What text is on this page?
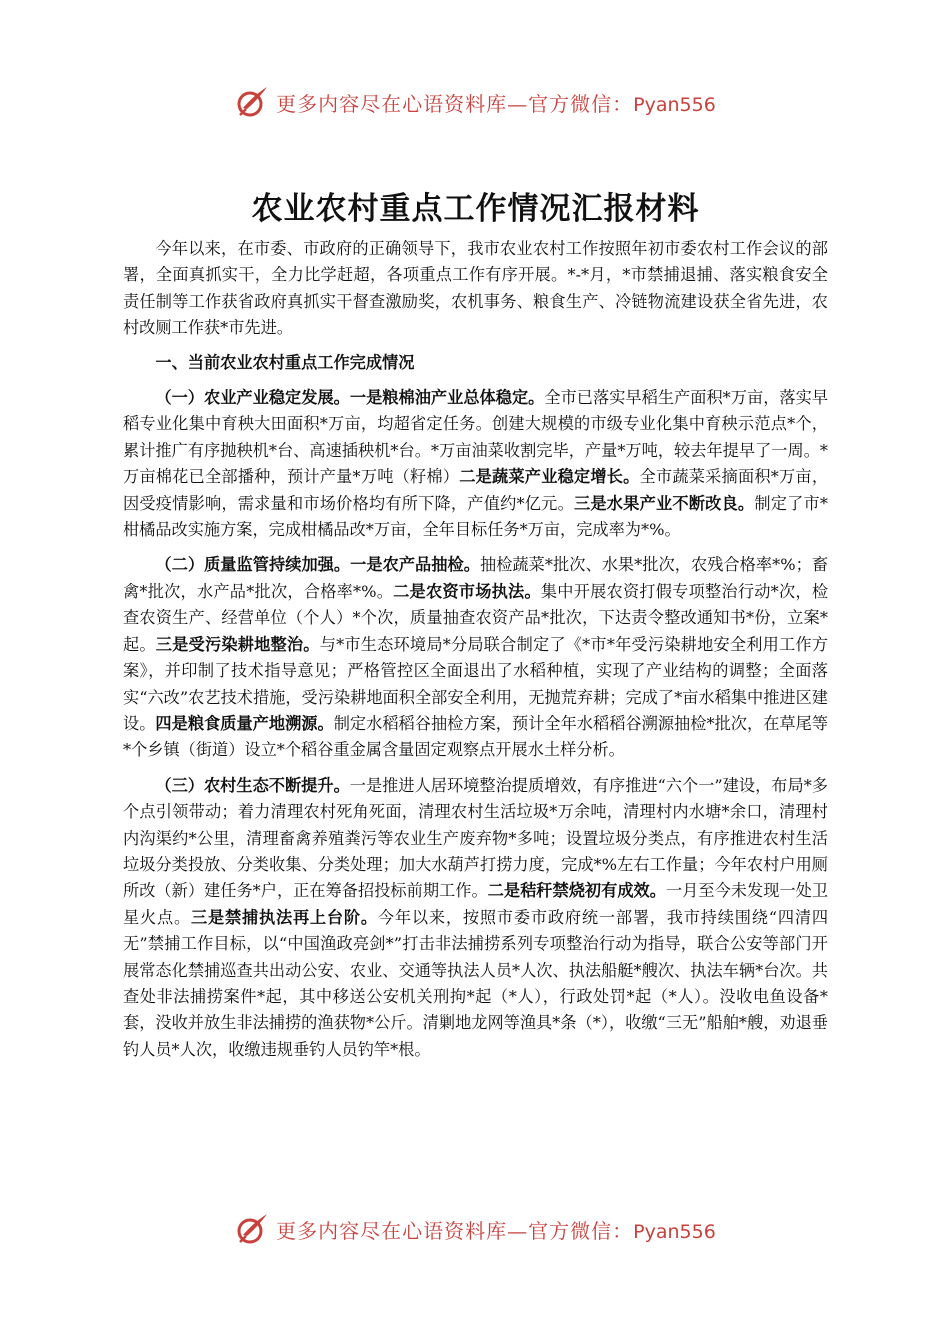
更多内容尽在心语资料库—官方微信：Pyan556
农业农村重点工作情况汇报材料

今年以来，在市委、市政府的正确领导下，我市农业农村工作按照年初市委农村工作会议的部署，全面真抓实干，全力比学赶超，各项重点工作有序开展。*-*月，*市禁捕退捕、落实粮食安全责任制等工作获省政府真抓实干督查激励奖，农机事务、粮食生产、冷链物流建设获全省先进，农村改厕工作获*市先进。

一、当前农业农村重点工作完成情况

（一）农业产业稳定发展。一是粮棉油产业总体稳定。全市已落实早稻生产面积*万亩，落实早稻专业化集中育秧大田面积*万亩，均超省定任务。创建大规模的市级专业化集中育秧示范点*个，累计推广有序抛秧机*台、高速插秧机*台。*万亩油菜收割完毕，产量*万吨，较去年提早了一周。*万亩棉花已全部播种，预计产量*万吨（籽棉）二是蔬菜产业稳定增长。全市蔬菜采摘面积*万亩，因受疫情影响，需求量和市场价格均有所下降，产值约*亿元。三是水果产业不断改良。制定了市*柑橘品改实施方案，完成柑橘品改*万亩，全年目标任务*万亩，完成率为*%。

（二）质量监管持续加强。一是农产品抽检。抽检蔬菜*批次、水果*批次，农残合格率*%；畜禽*批次，水产品*批次，合格率*%。二是农资市场执法。集中开展农资打假专项整治行动*次，检查农资生产、经营单位（个人）*个次，质量抽查农资产品*批次，下达责令整改通知书*份，立案*起。三是受污染耕地整治。与*市生态环境局*分局联合制定了《*市*年受污染耕地安全利用工作方案》，并印制了技术指导意见；严格管控区全面退出了水稻种植，实现了产业结构的调整；全面落实“六改”农艺技术措施，受污染耕地面积全部安全利用，无抛荒弃耕；完成了*亩水稻集中推进区建设。四是粮食质量产地溯源。制定水稻稻谷抽检方案，预计全年水稻稻谷溯源抽检*批次，在草尾等*个乡镇（街道）设立*个稻谷重金属含量固定观察点开展水土样分析。

（三）农村生态不断提升。一是推进人居环境整治提质增效，有序推进“六个一”建设，布局*多个点引领带动；着力清理农村死角死面，清理农村生活垃圾*万余吨，清理村内水塘*余口，清理村内沟渠约*公里，清理畜禽养殖粪污等农业生产废弃物*多吨；设置垃圾分类点，有序推进农村生活垃圾分类投放、分类收集、分类处理；加大水葫芦打捞力度，完成*%左右工作量；今年农村户用厕所改（新）建任务*户，正在筹备招投标前期工作。二是秸秆禁烧初有成效。一月至今未发现一处卫星火点。三是禁捕执法再上台阶。今年以来，按照市委市政府统一部署，我市持续围绕“四清四无”禁捕工作目标，以“中国渔政亮剑*”打击非法捕捞系列专项整治行动为指导，联合公安等部门开展常态化禁捕巡查共出动公安、农业、交通等执法人员*人次、执法船艇*艘次、执法车辆*台次。共查处非法捕捞案件*起，其中移送公安机关刑拘*起（*人），行政处罚*起（*人）。没收电鱼设备*套，没收并放生非法捕捞的渔获物*公斤。清剿地龙网等渔具*条（*），收缴“三无”船舶*艘，劝退垂钓人员*人次，收缴违规垂钓人员钓竿*根。

更多内容尽在心语资料库—官方微信：Pyan556
